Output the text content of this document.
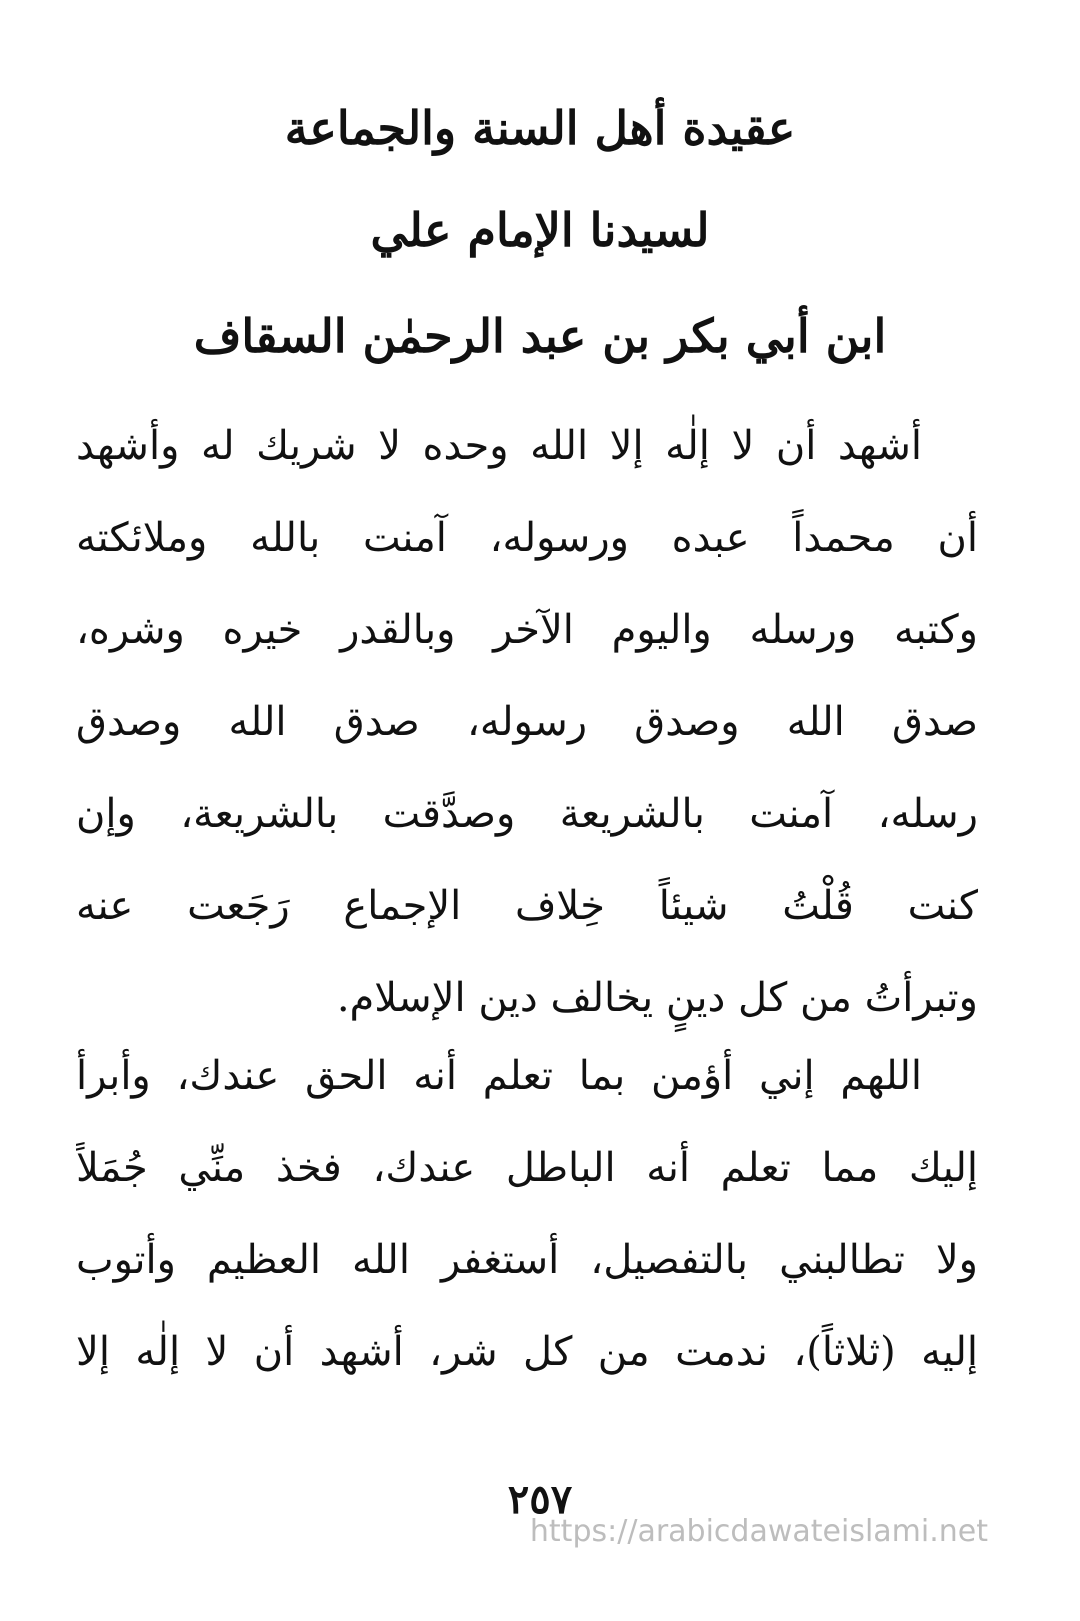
عقيدة أهل السنة والجماعة
لسيدنا الإمام علي
ابن أبي بكر بن عبد الرحمٰن السقاف
أشهد أن لا إلٰه إلا الله وحده لا شريك له وأشهد
أن محمداً عبده ورسوله، آمنت بالله وملائكته
وكتبه ورسله واليوم الآخر وبالقدر خيره وشره،
صدق الله وصدق رسوله، صدق الله وصدق
رسله، آمنت بالشريعة وصدَّقت بالشريعة، وإن
كنت قُلْتُ شيئاً خِلاف الإجماع رَجَعت عنه
وتبرأتُ من كل دينٍ يخالف دين الإسلام.
اللهم إني أؤمن بما تعلم أنه الحق عندك، وأبرأ
إليك مما تعلم أنه الباطل عندك، فخذ منِّي جُمَلاً
ولا تطالبني بالتفصيل، أستغفر الله العظيم وأتوب
إليه (ثلاثاً)، ندمت من كل شر، أشهد أن لا إلٰه إلا
٢٥٧
https://arabicdawateislami.net
